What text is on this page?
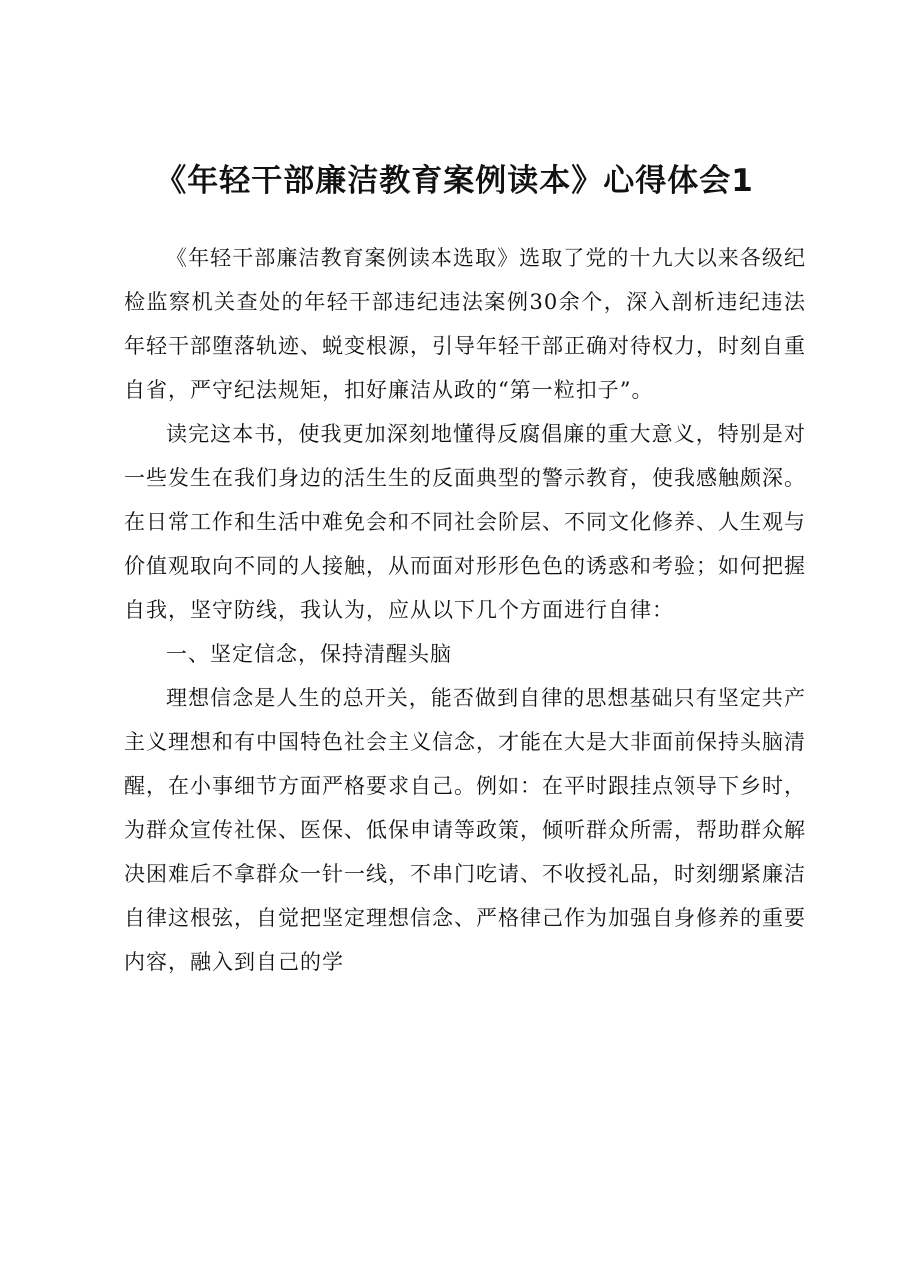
《年轻干部廉洁教育案例读本》心得体会1

《年轻干部廉洁教育案例读本选取》选取了党的十九大以来各级纪检监察机关查处的年轻干部违纪违法案例30余个，深入剖析违纪违法年轻干部堕落轨迹、蜕变根源，引导年轻干部正确对待权力，时刻自重自省，严守纪法规矩，扣好廉洁从政的“第一粒扣子”。

读完这本书，使我更加深刻地懂得反腐倡廉的重大意义，特别是对一些发生在我们身边的活生生的反面典型的警示教育，使我感触颇深。在日常工作和生活中难免会和不同社会阶层、不同文化修养、人生观与价值观取向不同的人接触，从而面对形形色色的诱惑和考验；如何把握自我，坚守防线，我认为，应从以下几个方面进行自律：

一、坚定信念，保持清醒头脑

理想信念是人生的总开关，能否做到自律的思想基础只有坚定共产主义理想和有中国特色社会主义信念，才能在大是大非面前保持头脑清醒，在小事细节方面严格要求自己。例如：在平时跟挂点领导下乡时，为群众宣传社保、医保、低保申请等政策，倾听群众所需，帮助群众解决困难后不拿群众一针一线，不串门吃请、不收授礼品，时刻绷紧廉洁自律这根弦，自觉把坚定理想信念、严格律己作为加强自身修养的重要内容，融入到自己的学
